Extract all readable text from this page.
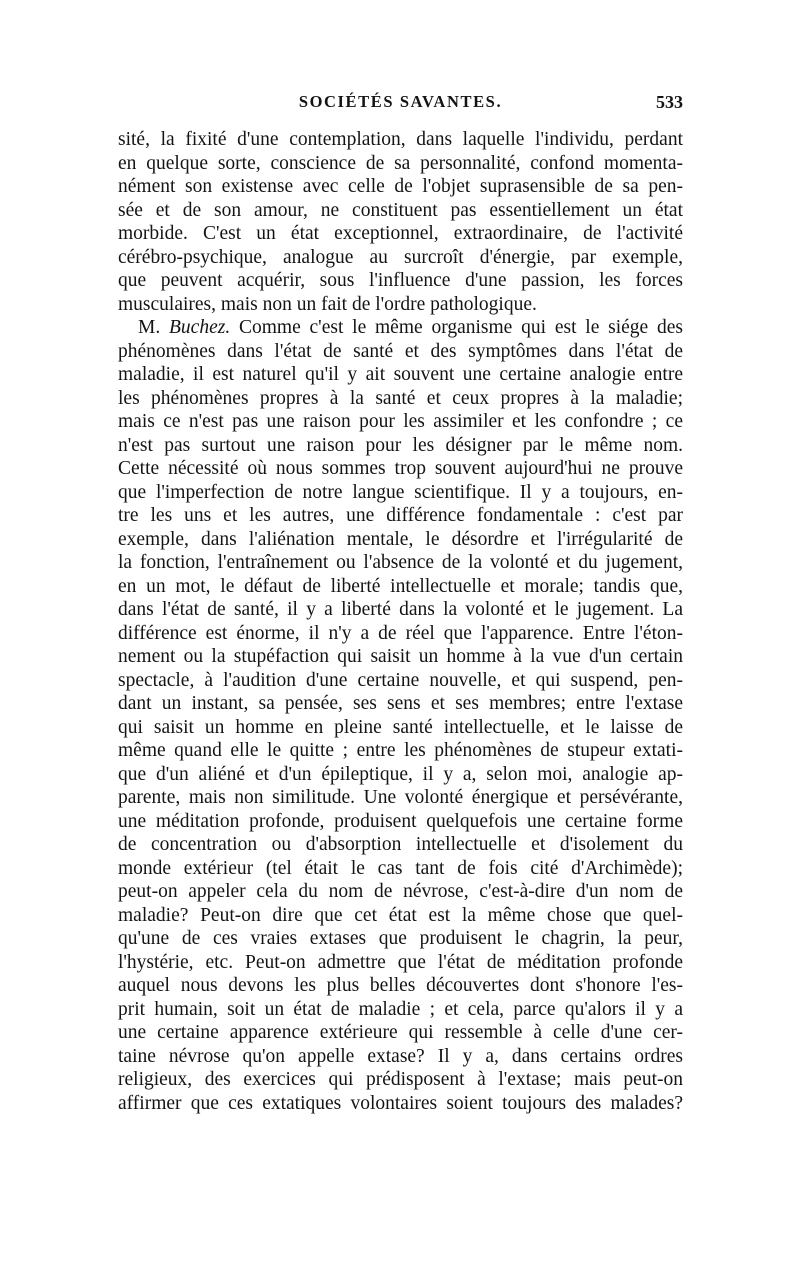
SOCIÉTÉS SAVANTES.	533
sité, la fixité d'une contemplation, dans laquelle l'individu, perdant
en quelque sorte, conscience de sa personnalité, confond momenta-
nément son existense avec celle de l'objet suprasensible de sa pen-
sée et de son amour, ne constituent pas essentiellement un état
morbide. C'est un état exceptionnel, extraordinaire, de l'activité
cérébro-psychique, analogue au surcroît d'énergie, par exemple,
que peuvent acquérir, sous l'influence d'une passion, les forces
musculaires, mais non un fait de l'ordre pathologique.
M. Buchez. Comme c'est le même organisme qui est le siége des
phénomènes dans l'état de santé et des symptômes dans l'état de
maladie, il est naturel qu'il y ait souvent une certaine analogie entre
les phénomènes propres à la santé et ceux propres à la maladie;
mais ce n'est pas une raison pour les assimiler et les confondre ; ce
n'est pas surtout une raison pour les désigner par le même nom.
Cette nécessité où nous sommes trop souvent aujourd'hui ne prouve
que l'imperfection de notre langue scientifique. Il y a toujours, en-
tre les uns et les autres, une différence fondamentale : c'est par
exemple, dans l'aliénation mentale, le désordre et l'irrégularité de
la fonction, l'entraînement ou l'absence de la volonté et du jugement,
en un mot, le défaut de liberté intellectuelle et morale; tandis que,
dans l'état de santé, il y a liberté dans la volonté et le jugement. La
différence est énorme, il n'y a de réel que l'apparence. Entre l'éton-
nement ou la stupéfaction qui saisit un homme à la vue d'un certain
spectacle, à l'audition d'une certaine nouvelle, et qui suspend, pen-
dant un instant, sa pensée, ses sens et ses membres; entre l'extase
qui saisit un homme en pleine santé intellectuelle, et le laisse de
même quand elle le quitte ; entre les phénomènes de stupeur extati-
que d'un aliéné et d'un épileptique, il y a, selon moi, analogie ap-
parente, mais non similitude. Une volonté énergique et persévérante,
une méditation profonde, produisent quelquefois une certaine forme
de concentration ou d'absorption intellectuelle et d'isolement du
monde extérieur (tel était le cas tant de fois cité d'Archimède);
peut-on appeler cela du nom de névrose, c'est-à-dire d'un nom de
maladie? Peut-on dire que cet état est la même chose que quel-
qu'une de ces vraies extases que produisent le chagrin, la peur,
l'hystérie, etc. Peut-on admettre que l'état de méditation profonde
auquel nous devons les plus belles découvertes dont s'honore l'es-
prit humain, soit un état de maladie ; et cela, parce qu'alors il y a
une certaine apparence extérieure qui ressemble à celle d'une cer-
taine névrose qu'on appelle extase? Il y a, dans certains ordres
religieux, des exercices qui prédisposent à l'extase; mais peut-on
affirmer que ces extatiques volontaires soient toujours des malades?
